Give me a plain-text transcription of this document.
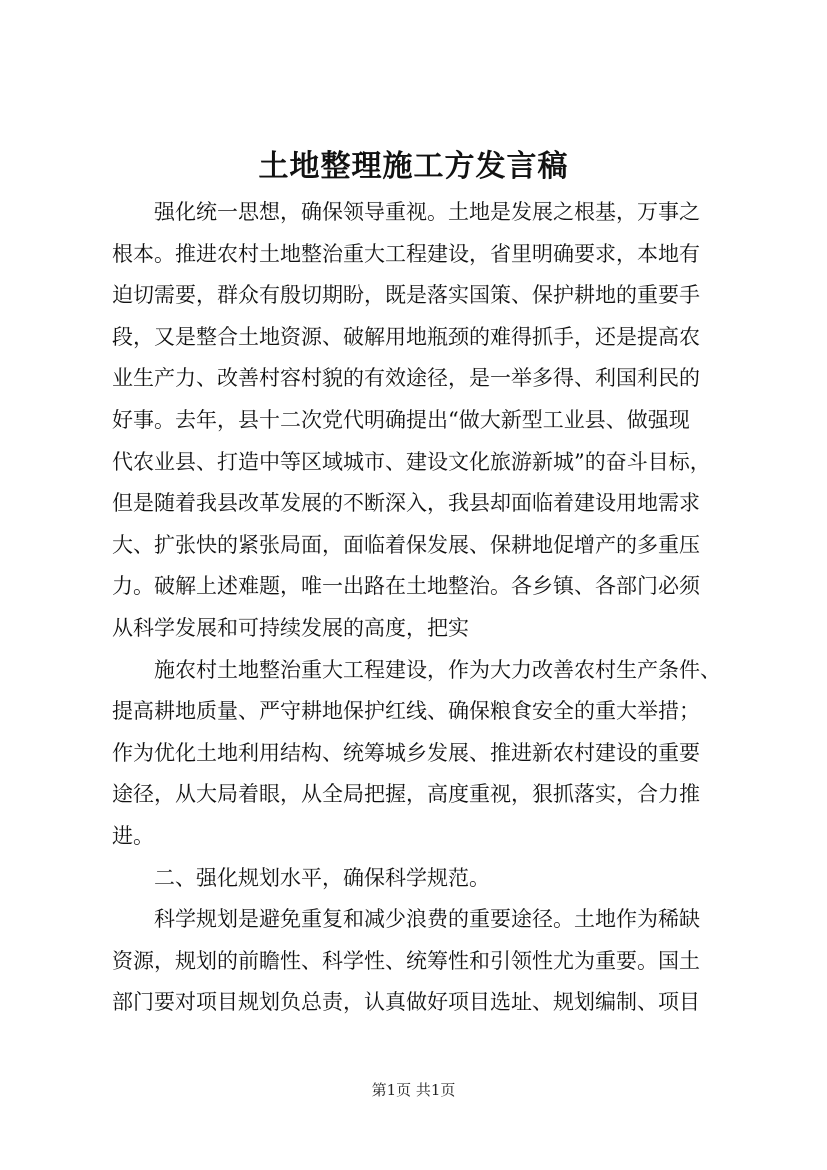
土地整理施工方发言稿

强化统一思想，确保领导重视。土地是发展之根基，万事之
根本。推进农村土地整治重大工程建设，省里明确要求，本地有
迫切需要，群众有殷切期盼，既是落实国策、保护耕地的重要手
段，又是整合土地资源、破解用地瓶颈的难得抓手，还是提高农
业生产力、改善村容村貌的有效途径，是一举多得、利国利民的
好事。去年，县十二次党代明确提出“做大新型工业县、做强现
代农业县、打造中等区域城市、建设文化旅游新城”的奋斗目标，
但是随着我县改革发展的不断深入，我县却面临着建设用地需求
大、扩张快的紧张局面，面临着保发展、保耕地促增产的多重压
力。破解上述难题，唯一出路在土地整治。各乡镇、各部门必须
从科学发展和可持续发展的高度，把实

施农村土地整治重大工程建设，作为大力改善农村生产条件、
提高耕地质量、严守耕地保护红线、确保粮食安全的重大举措；
作为优化土地利用结构、统筹城乡发展、推进新农村建设的重要
途径，从大局着眼，从全局把握，高度重视，狠抓落实，合力推
进。

二、强化规划水平，确保科学规范。

科学规划是避免重复和减少浪费的重要途径。土地作为稀缺
资源，规划的前瞻性、科学性、统筹性和引领性尤为重要。国土
部门要对项目规划负总责，认真做好项目选址、规划编制、项目

第1页 共1页
